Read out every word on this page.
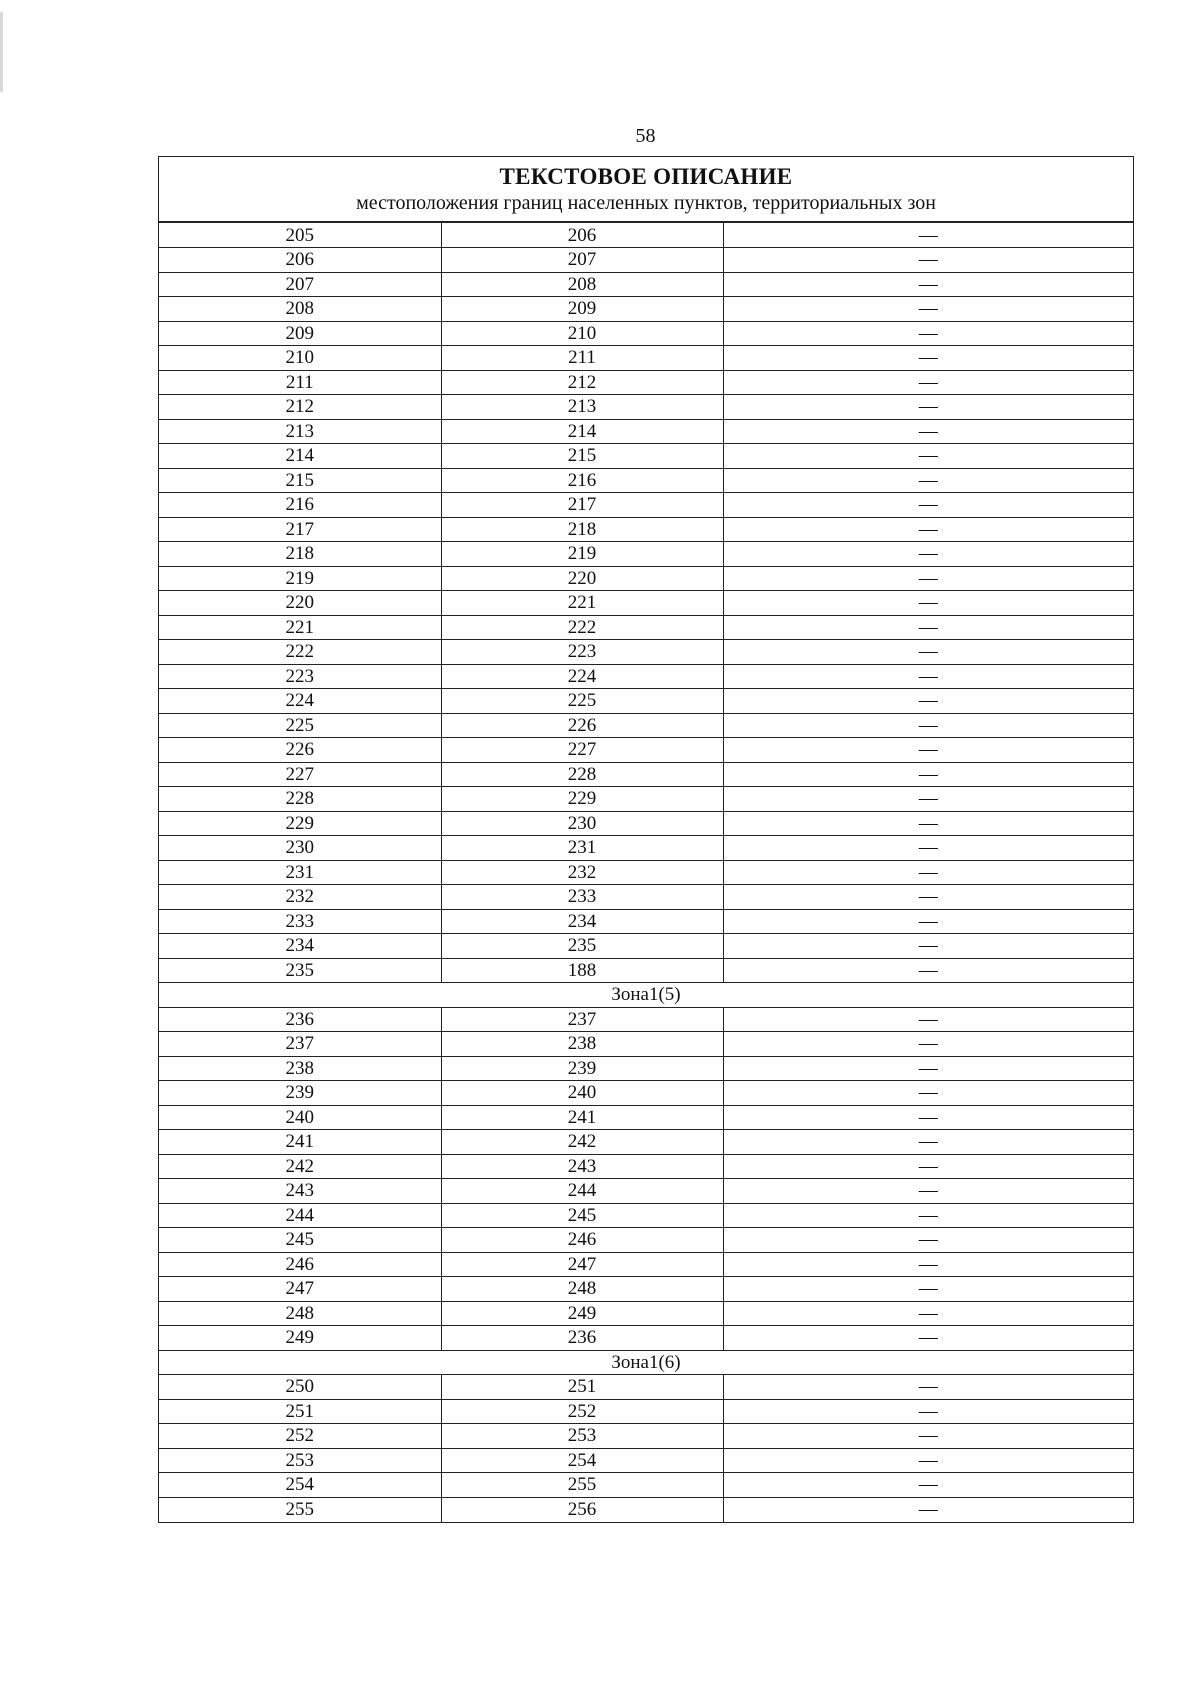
58
ТЕКСТОВОЕ ОПИСАНИЕ
местоположения границ населенных пунктов, территориальных зон
205	206	—
206	207	—
207	208	—
208	209	—
209	210	—
210	211	—
211	212	—
212	213	—
213	214	—
214	215	—
215	216	—
216	217	—
217	218	—
218	219	—
219	220	—
220	221	—
221	222	—
222	223	—
223	224	—
224	225	—
225	226	—
226	227	—
227	228	—
228	229	—
229	230	—
230	231	—
231	232	—
232	233	—
233	234	—
234	235	—
235	188	—
Зона1(5)		
236	237	—
237	238	—
238	239	—
239	240	—
240	241	—
241	242	—
242	243	—
243	244	—
244	245	—
245	246	—
246	247	—
247	248	—
248	249	—
249	236	—
Зона1(6)		
250	251	—
251	252	—
252	253	—
253	254	—
254	255	—
255	256	—
